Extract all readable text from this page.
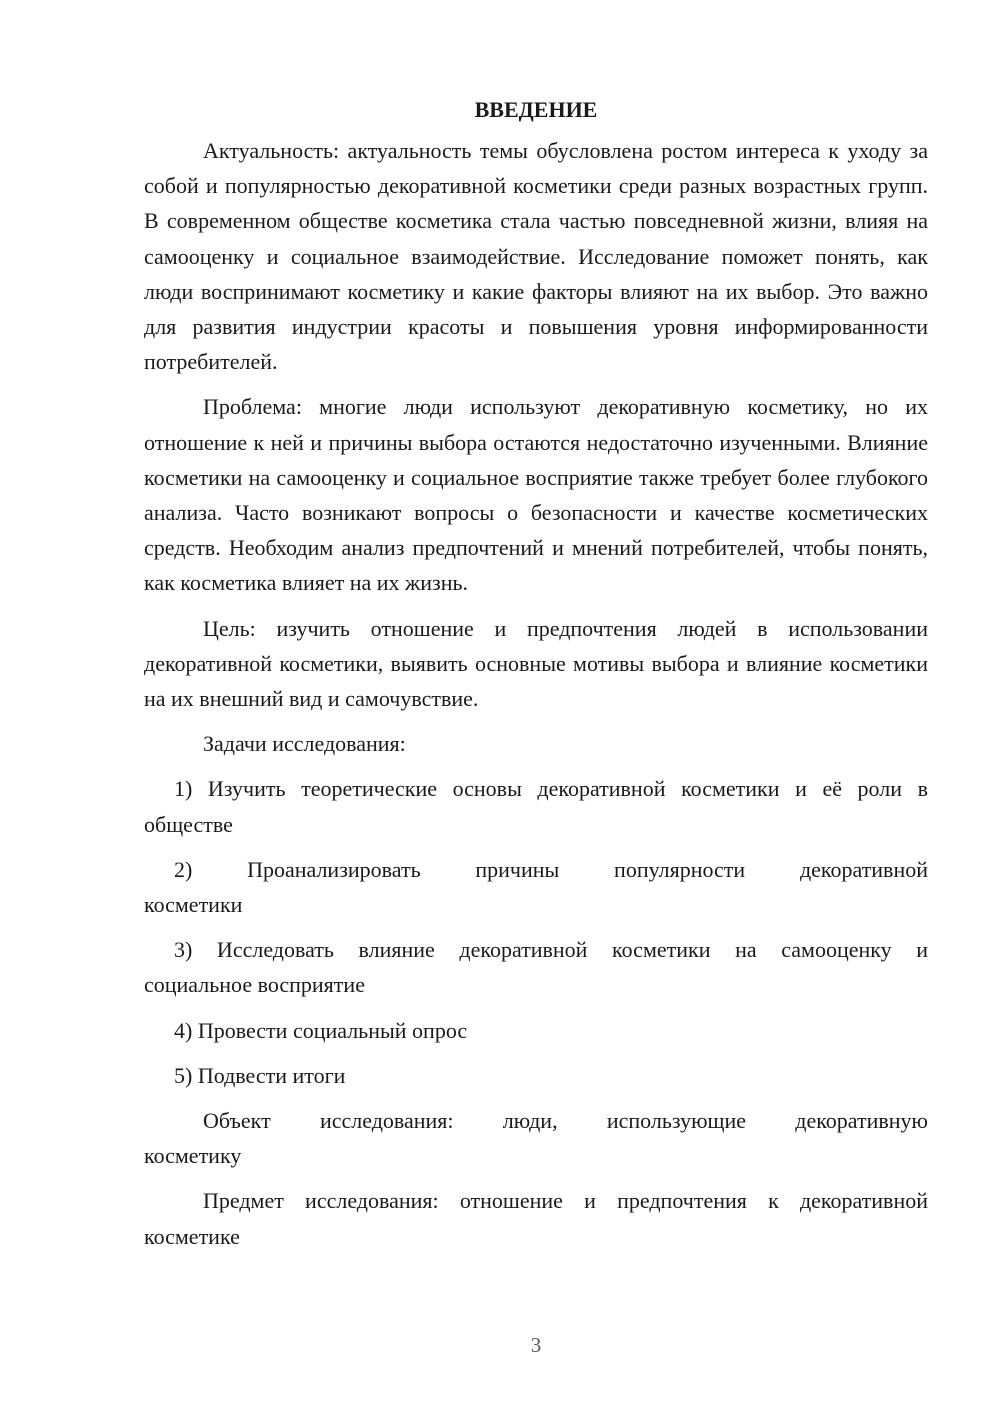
ВВЕДЕНИЕ

Актуальность: актуальность темы обусловлена ростом интереса к уходу за собой и популярностью декоративной косметики среди разных возрастных групп. В современном обществе косметика стала частью повседневной жизни, влияя на самооценку и социальное взаимодействие. Исследование поможет понять, как люди воспринимают косметику и какие факторы влияют на их выбор. Это важно для развития индустрии красоты и повышения уровня информированности потребителей.

Проблема: многие люди используют декоративную косметику, но их отношение к ней и причины выбора остаются недостаточно изученными. Влияние косметики на самооценку и социальное восприятие также требует более глубокого анализа. Часто возникают вопросы о безопасности и качестве косметических средств. Необходим анализ предпочтений и мнений потребителей, чтобы понять, как косметика влияет на их жизнь.

Цель: изучить отношение и предпочтения людей в использовании декоративной косметики, выявить основные мотивы выбора и влияние косметики на их внешний вид и самочувствие.

Задачи исследования:

1) Изучить теоретические основы декоративной косметики и её роли в
обществе

2) Проанализировать причины популярности декоративной
косметики

3) Исследовать влияние декоративной косметики на самооценку и
социальное восприятие

4) Провести социальный опрос

5) Подвести итоги

Объект исследования: люди, использующие декоративную
косметику

Предмет исследования: отношение и предпочтения к декоративной
косметике

3
